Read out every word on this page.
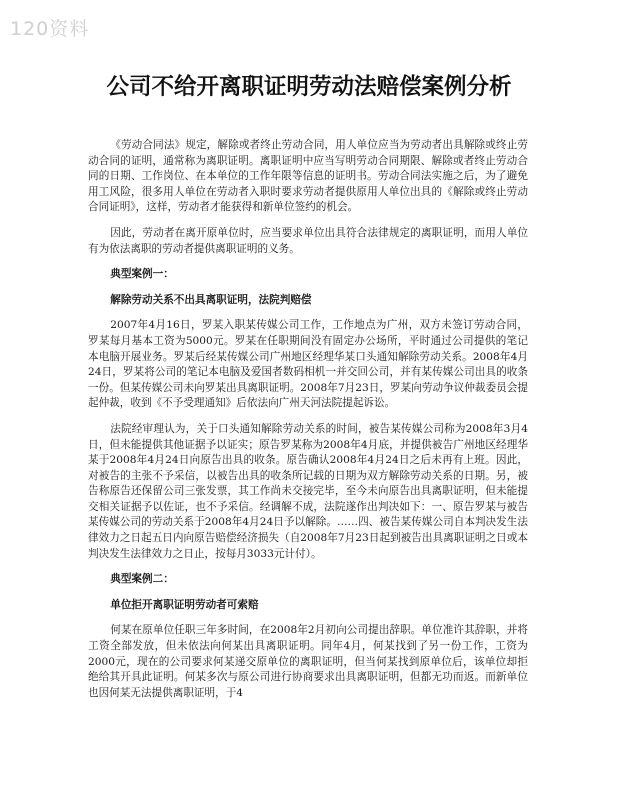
120资料
公司不给开离职证明劳动法赔偿案例分析

《劳动合同法》规定，解除或者终止劳动合同，用人单位应当为劳动者出具解除或终止劳动合同的证明，通常称为离职证明。离职证明中应当写明劳动合同期限、解除或者终止劳动合同的日期、工作岗位、在本单位的工作年限等信息的证明书。劳动合同法实施之后，为了避免用工风险，很多用人单位在劳动者入职时要求劳动者提供原用人单位出具的《解除或终止劳动合同证明》，这样，劳动者才能获得和新单位签约的机会。

因此，劳动者在离开原单位时，应当要求单位出具符合法律规定的离职证明，而用人单位有为依法离职的劳动者提供离职证明的义务。

典型案例一：

解除劳动关系不出具离职证明，法院判赔偿

2007年4月16日，罗某入职某传媒公司工作，工作地点为广州，双方未签订劳动合同，罗某每月基本工资为5000元。罗某在任职期间没有固定办公场所，平时通过公司提供的笔记本电脑开展业务。罗某后经某传媒公司广州地区经理华某口头通知解除劳动关系。2008年4月24日，罗某将公司的笔记本电脑及爱国者数码相机一并交回公司，并有某传媒公司出具的收条一份。但某传媒公司未向罗某出具离职证明。2008年7月23日，罗某向劳动争议仲裁委员会提起仲裁，收到《不予受理通知》后依法向广州天河法院提起诉讼。

法院经审理认为，关于口头通知解除劳动关系的时间，被告某传媒公司称为2008年3月4日，但未能提供其他证据予以证实；原告罗某称为2008年4月底，并提供被告广州地区经理华某于2008年4月24日向原告出具的收条。原告确认2008年4月24日之后未再有上班。因此，对被告的主张不予采信，以被告出具的收条所记载的日期为双方解除劳动关系的日期。另，被告称原告还保留公司三张发票，其工作尚未交接完毕，至今未向原告出具离职证明，但未能提交相关证据予以佐证，也不予采信。经调解不成，法院遂作出判决如下：一、原告罗某与被告某传媒公司的劳动关系于2008年4月24日予以解除。……四、被告某传媒公司自本判决发生法律效力之日起五日内向原告赔偿经济损失（自2008年7月23日起到被告出具离职证明之日或本判决发生法律效力之日止，按每月3033元计付）。

典型案例二：

单位拒开离职证明劳动者可索赔

何某在原单位任职三年多时间，在2008年2月初向公司提出辞职。单位准许其辞职，并将工资全部发放，但未依法向何某出具离职证明。同年4月，何某找到了另一份工作，工资为2000元，现在的公司要求何某递交原单位的离职证明，但当何某找到原单位后，该单位却拒绝给其开具此证明。何某多次与原公司进行协商要求出具离职证明，但都无功而返。而新单位也因何某无法提供离职证明，于4
